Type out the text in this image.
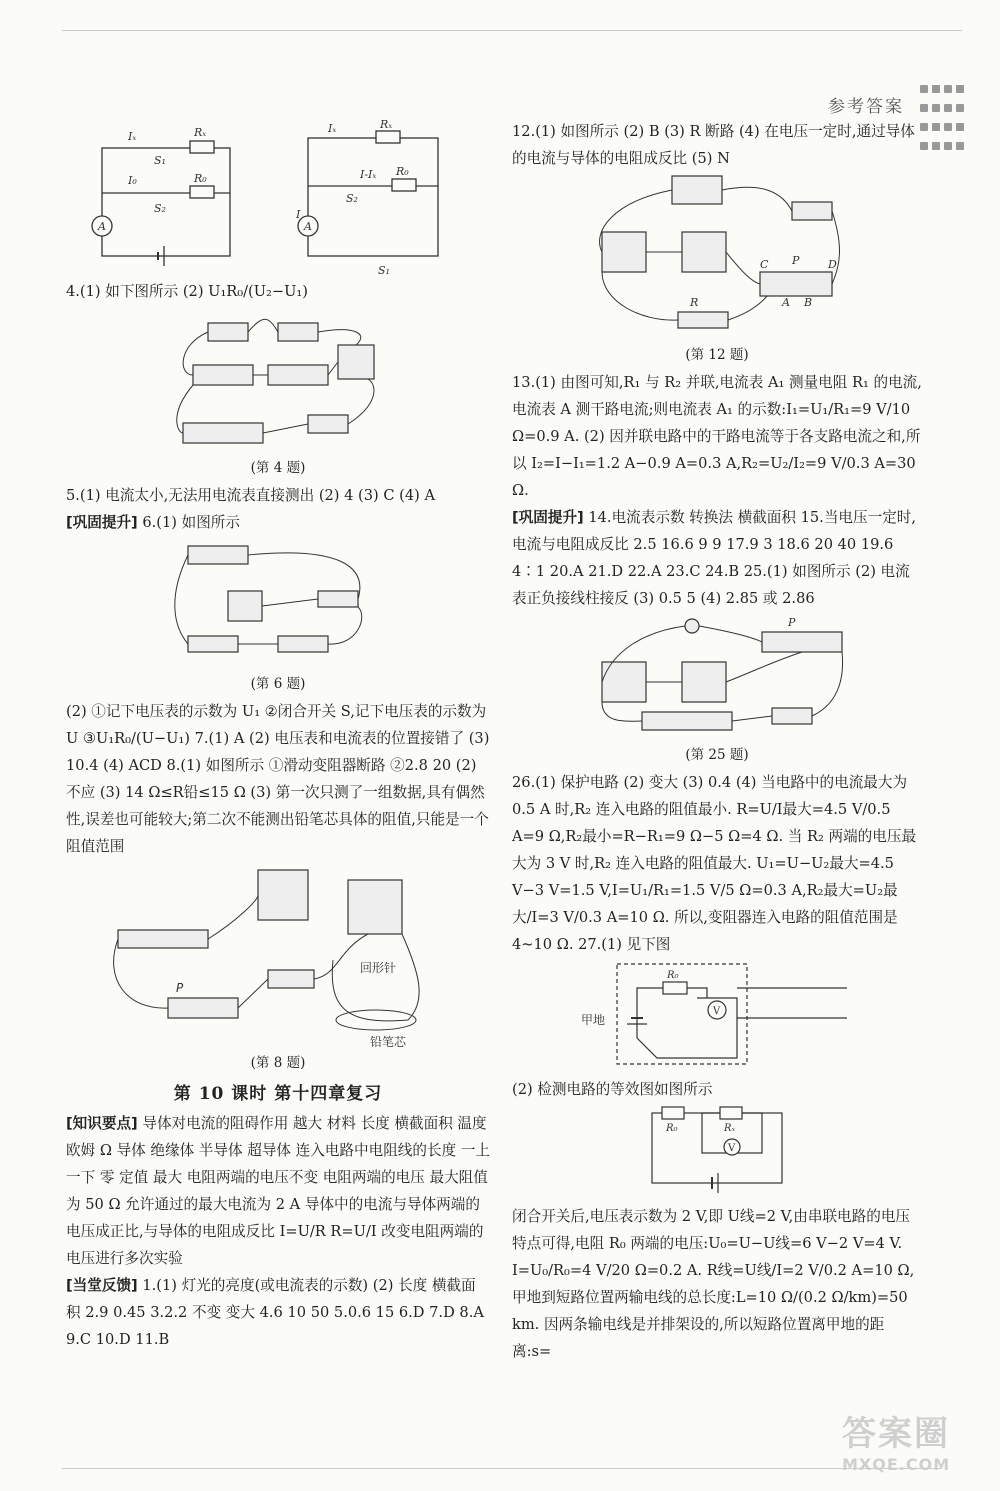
参考答案
Iₓ
S₁
Rₓ
I₀
S₂
R₀
A
Iₓ	Rₓ
I-Iₓ R₀
I
S₂
A
S₁

4.(1) 如下图所示 (2) U₁R₀/(U₂−U₁)

(第 4 题)

5.(1) 电流太小,无法用电流表直接测出 (2) 4 (3) C (4) A

[巩固提升] 6.(1) 如图所示

(第 6 题)

(2) ①记下电压表的示数为 U₁ ②闭合开关 S,记下电压表的示数为 U ③U₁R₀/(U−U₁) 7.(1) A (2) 电压表和电流表的位置接错了 (3) 10.4 (4) ACD 8.(1) 如图所示 ①滑动变阻器断路 ②2.8 20 (2) 不应 (3) 14 Ω≤R铅≤15 Ω (3) 第一次只测了一组数据,具有偶然性,误差也可能较大;第二次不能测出铅笔芯具体的阻值,只能是一个阻值范围

回形针
铅笔芯
P

(第 8 题)

第 10 课时 第十四章复习

[知识要点] 导体对电流的阻碍作用 越大 材料 长度 横截面积 温度 欧姆 Ω 导体 绝缘体 半导体 超导体 连入电路中电阻线的长度 一上一下 零 定值 最大 电阻两端的电压不变 电阻两端的电压 最大阻值为 50 Ω 允许通过的最大电流为 2 A 导体中的电流与导体两端的电压成正比,与导体的电阻成反比 I=U/R R=U/I 改变电阻两端的电压进行多次实验

[当堂反馈] 1.(1) 灯光的亮度(或电流表的示数) (2) 长度 横截面积 2.9 0.45 3.2.2 不变 变大 4.6 10 50 5.0.6 15 6.D 7.D 8.A 9.C 10.D 11.B

12.(1) 如图所示 (2) B (3) R 断路 (4) 在电压一定时,通过导体的电流与导体的电阻成反比 (5) N

R
C P	D
A B

(第 12 题)

13.(1) 由图可知,R₁ 与 R₂ 并联,电流表 A₁ 测量电阻 R₁ 的电流,电流表 A 测干路电流;则电流表 A₁ 的示数:I₁=U₁/R₁=9 V/10 Ω=0.9 A. (2) 因并联电路中的干路电流等于各支路电流之和,所以 I₂=I−I₁=1.2 A−0.9 A=0.3 A,R₂=U₂/I₂=9 V/0.3 A=30 Ω.

[巩固提升] 14.电流表示数 转换法 横截面积 15.当电压一定时,电流与电阻成反比 2.5 16.6 9 9 17.9 3 18.6 20 40 19.6 4∶1 20.A 21.D 22.A 23.C 24.B 25.(1) 如图所示 (2) 电流表正负接线柱接反 (3) 0.5 5 (4) 2.85 或 2.86

P

(第 25 题)

26.(1) 保护电路 (2) 变大 (3) 0.4 (4) 当电路中的电流最大为 0.5 A 时,R₂ 连入电路的阻值最小. R=U/I最大=4.5 V/0.5 A=9 Ω,R₂最小=R−R₁=9 Ω−5 Ω=4 Ω. 当 R₂ 两端的电压最大为 3 V 时,R₂ 连入电路的阻值最大. U₁=U−U₂最大=4.5 V−3 V=1.5 V,I=U₁/R₁=1.5 V/5 Ω=0.3 A,R₂最大=U₂最大/I=3 V/0.3 A=10 Ω. 所以,变阻器连入电路的阻值范围是 4~10 Ω. 27.(1) 见下图

甲地
V
R₀

(2) 检测电路的等效图如图所示

R₀	Rₓ
V

闭合开关后,电压表示数为 2 V,即 U线=2 V,由串联电路的电压特点可得,电阻 R₀ 两端的电压:U₀=U−U线=6 V−2 V=4 V. I=U₀/R₀=4 V/20 Ω=0.2 A. R线=U线/I=2 V/0.2 A=10 Ω,甲地到短路位置两输电线的总长度:L=10 Ω/(0.2 Ω/km)=50 km. 因两条输电线是并排架设的,所以短路位置离甲地的距离:s=

答案圈
MXQE.COM
